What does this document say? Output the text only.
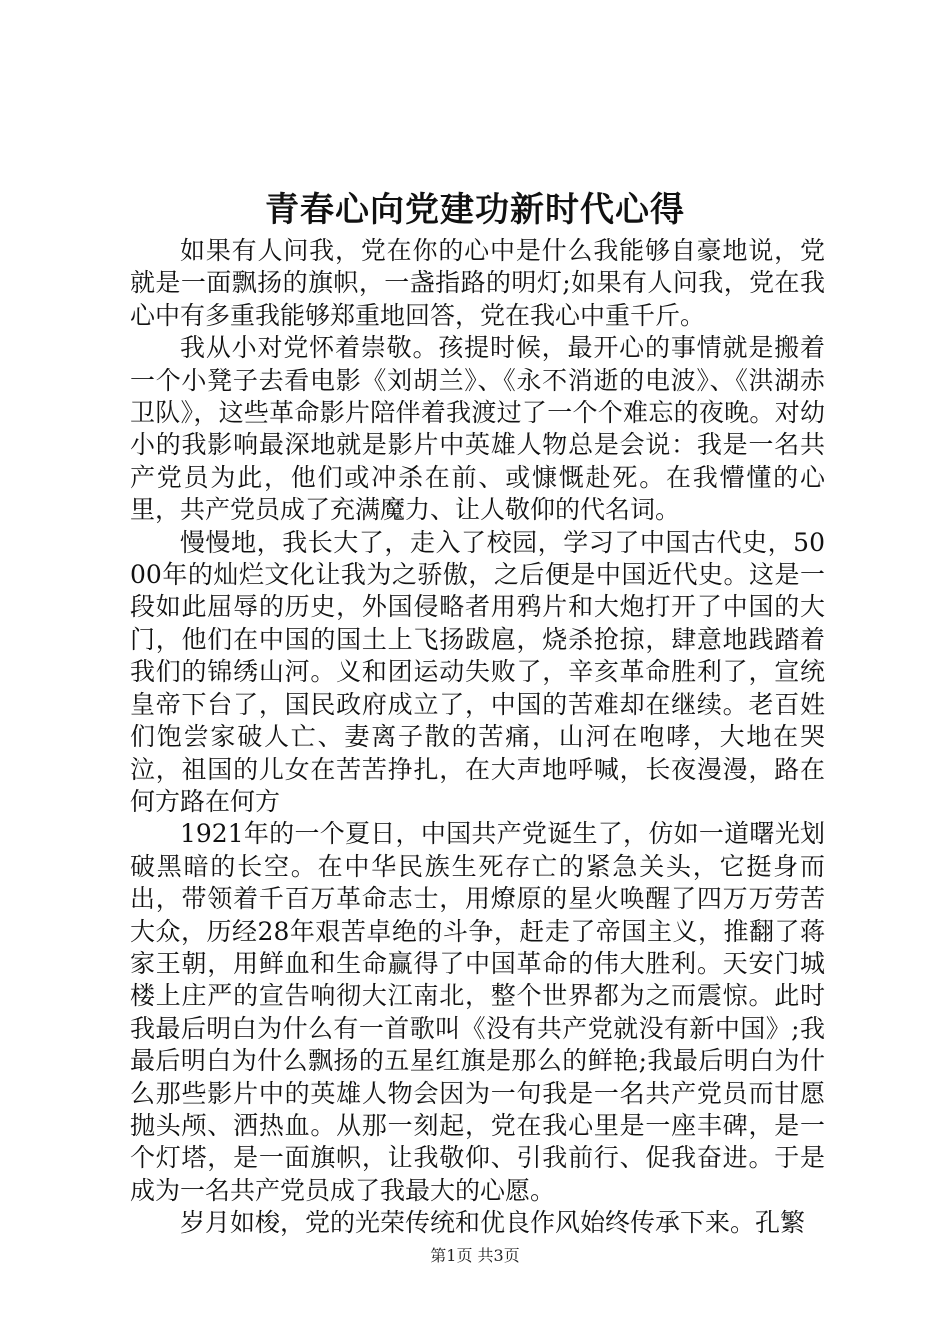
青春心向党建功新时代心得

如果有人问我，党在你的心中是什么我能够自豪地说，党就是一面飘扬的旗帜，一盏指路的明灯;如果有人问我，党在我心中有多重我能够郑重地回答，党在我心中重千斤。

我从小对党怀着崇敬。孩提时候，最开心的事情就是搬着一个小凳子去看电影《刘胡兰》、《永不消逝的电波》、《洪湖赤卫队》，这些革命影片陪伴着我渡过了一个个难忘的夜晚。对幼小的我影响最深地就是影片中英雄人物总是会说：我是一名共产党员为此，他们或冲杀在前、或慷慨赴死。在我懵懂的心里，共产党员成了充满魔力、让人敬仰的代名词。

慢慢地，我长大了，走入了校园，学习了中国古代史，5000年的灿烂文化让我为之骄傲，之后便是中国近代史。这是一段如此屈辱的历史，外国侵略者用鸦片和大炮打开了中国的大门，他们在中国的国土上飞扬跋扈，烧杀抢掠，肆意地践踏着我们的锦绣山河。义和团运动失败了，辛亥革命胜利了，宣统皇帝下台了，国民政府成立了，中国的苦难却在继续。老百姓们饱尝家破人亡、妻离子散的苦痛，山河在咆哮，大地在哭泣，祖国的儿女在苦苦挣扎，在大声地呼喊，长夜漫漫，路在何方路在何方

1921年的一个夏日，中国共产党诞生了，仿如一道曙光划破黑暗的长空。在中华民族生死存亡的紧急关头，它挺身而出，带领着千百万革命志士，用燎原的星火唤醒了四万万劳苦大众，历经28年艰苦卓绝的斗争，赶走了帝国主义，推翻了蒋家王朝，用鲜血和生命赢得了中国革命的伟大胜利。天安门城楼上庄严的宣告响彻大江南北，整个世界都为之而震惊。此时我最后明白为什么有一首歌叫《没有共产党就没有新中国》;我最后明白为什么飘扬的五星红旗是那么的鲜艳;我最后明白为什么那些影片中的英雄人物会因为一句我是一名共产党员而甘愿抛头颅、洒热血。从那一刻起，党在我心里是一座丰碑，是一个灯塔，是一面旗帜，让我敬仰、引我前行、促我奋进。于是成为一名共产党员成了我最大的心愿。

岁月如梭，党的光荣传统和优良作风始终传承下来。孔繁

第1页 共3页
